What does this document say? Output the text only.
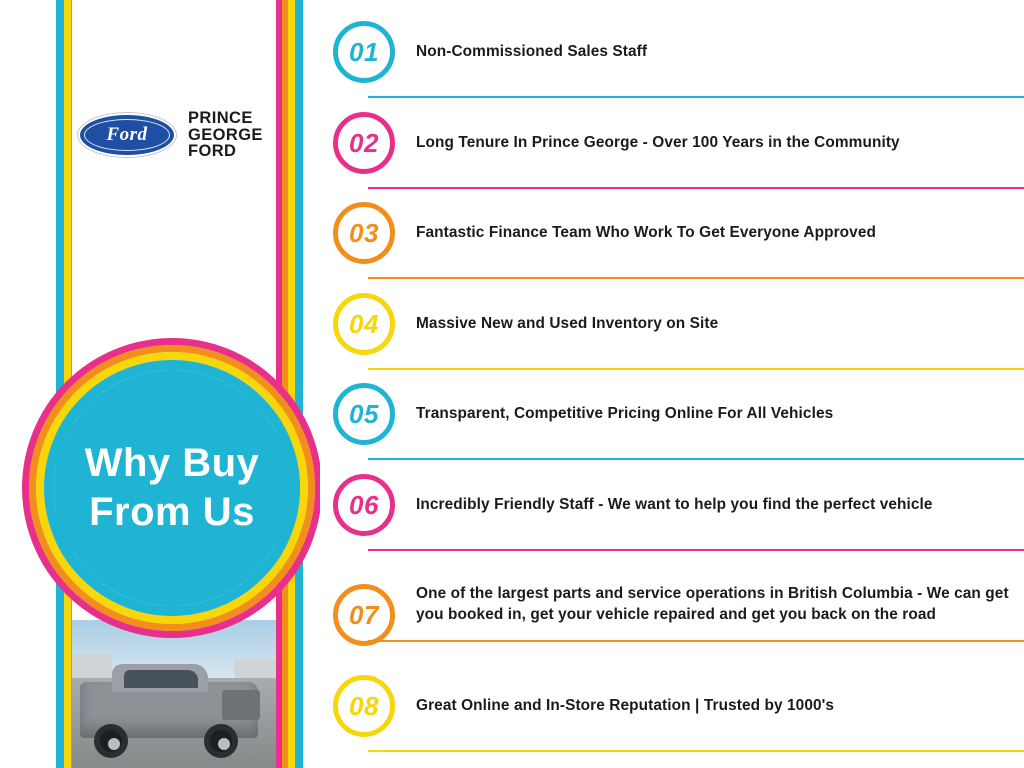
Ford
PRINCE
GEORGE
FORD
Why Buy
From Us
01 Non-Commissioned Sales Staff
02 Long Tenure In Prince George - Over 100 Years in the Community
03 Fantastic Finance Team Who Work To Get Everyone Approved
04 Massive New and Used Inventory on Site
05 Transparent, Competitive Pricing Online For All Vehicles
06 Incredibly Friendly Staff - We want to help you find the perfect vehicle
07
One of the largest parts and service operations in British Columbia - We can get you booked in, get your vehicle repaired and get you back on the road
08 Great Online and In-Store Reputation | Trusted by 1000's
